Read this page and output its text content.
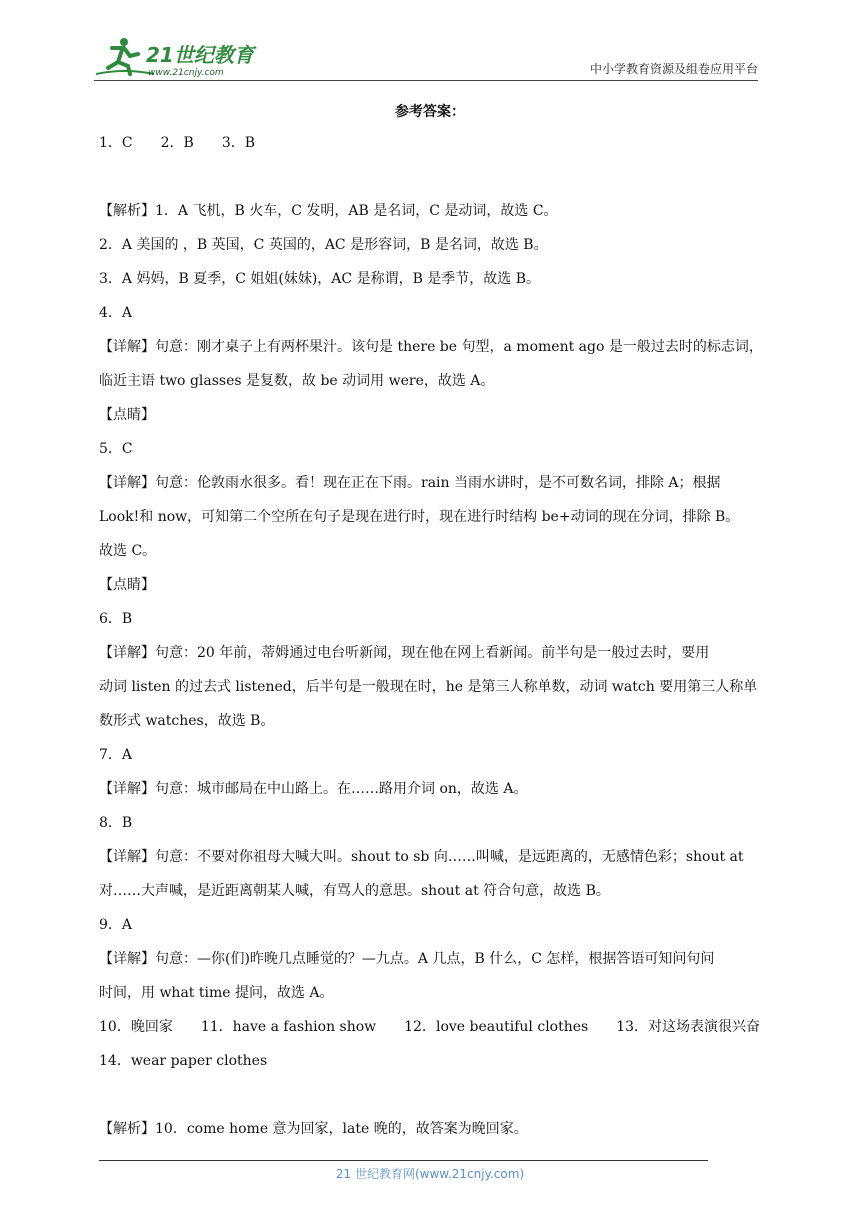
21世纪教育
www.21cnjy.com	中小学教育资源及组卷应用平台
参考答案：

1．C　　2．B　　3．B

【解析】1．A 飞机，B 火车，C 发明，AB 是名词，C 是动词，故选 C。

2．A 美国的 ，B 英国，C 英国的，AC 是形容词，B 是名词，故选 B。

3．A 妈妈，B 夏季，C 姐姐(妹妹)，AC 是称谓，B 是季节，故选 B。

4．A

【详解】句意：刚才桌子上有两杯果汁。该句是 there be 句型，a moment ago 是一般过去时的标志词，

临近主语 two glasses 是复数，故 be 动词用 were，故选 A。

【点睛】

5．C

【详解】句意：伦敦雨水很多。看！现在正在下雨。rain 当雨水讲时，是不可数名词，排除 A；根据

Look!和 now，可知第二个空所在句子是现在进行时，现在进行时结构 be+动词的现在分词，排除 B。

故选 C。

【点睛】

6．B

【详解】句意：20 年前，蒂姆通过电台听新闻，现在他在网上看新闻。前半句是一般过去时，要用

动词 listen 的过去式 listened，后半句是一般现在时，he 是第三人称单数，动词 watch 要用第三人称单

数形式 watches，故选 B。

7．A

【详解】句意：城市邮局在中山路上。在……路用介词 on，故选 A。

8．B

【详解】句意：不要对你祖母大喊大叫。shout to sb 向……叫喊，是远距离的，无感情色彩；shout at

对……大声喊，是近距离朝某人喊，有骂人的意思。shout at 符合句意，故选 B。

9．A

【详解】句意：—你(们)昨晚几点睡觉的？—九点。A 几点，B 什么，C 怎样，根据答语可知问句问

时间，用 what time 提问，故选 A。

10．晚回家　　11．have a fashion show　　12．love beautiful clothes　　13．对这场表演很兴奋

14．wear paper clothes

【解析】10．come home 意为回家，late 晚的，故答案为晚回家。

21 世纪教育网(www.21cnjy.com)
